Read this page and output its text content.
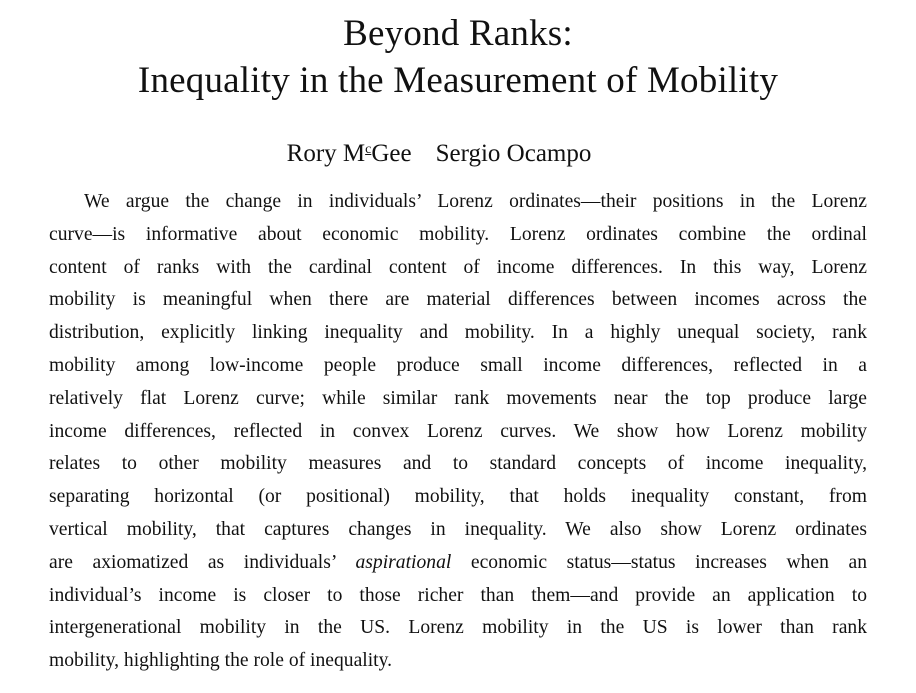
Beyond Ranks:
Inequality in the Measurement of Mobility
Rory $M^cGee$ Sergio Ocampo
We argue the change in individuals’ Lorenz ordinates—their positions in the Lorenz
curve—is informative about economic mobility. Lorenz ordinates combine the ordinal
content of ranks with the cardinal content of income differences. In this way, Lorenz
mobility is meaningful when there are material differences between incomes across the
distribution, explicitly linking inequality and mobility. In a highly unequal society, rank
mobility among low-income people produce small income differences, reflected in a
relatively flat Lorenz curve; while similar rank movements near the top produce large
income differences, reflected in convex Lorenz curves. We show how Lorenz mobility
relates to other mobility measures and to standard concepts of income inequality,
separating horizontal (or positional) mobility, that holds inequality constant, from
vertical mobility, that captures changes in inequality. We also show Lorenz ordinates
are axiomatized as individuals’ aspirational economic status—status increases when an
individual’s income is closer to those richer than them—and provide an application to
intergenerational mobility in the US. Lorenz mobility in the US is lower than rank
mobility, highlighting the role of inequality.
